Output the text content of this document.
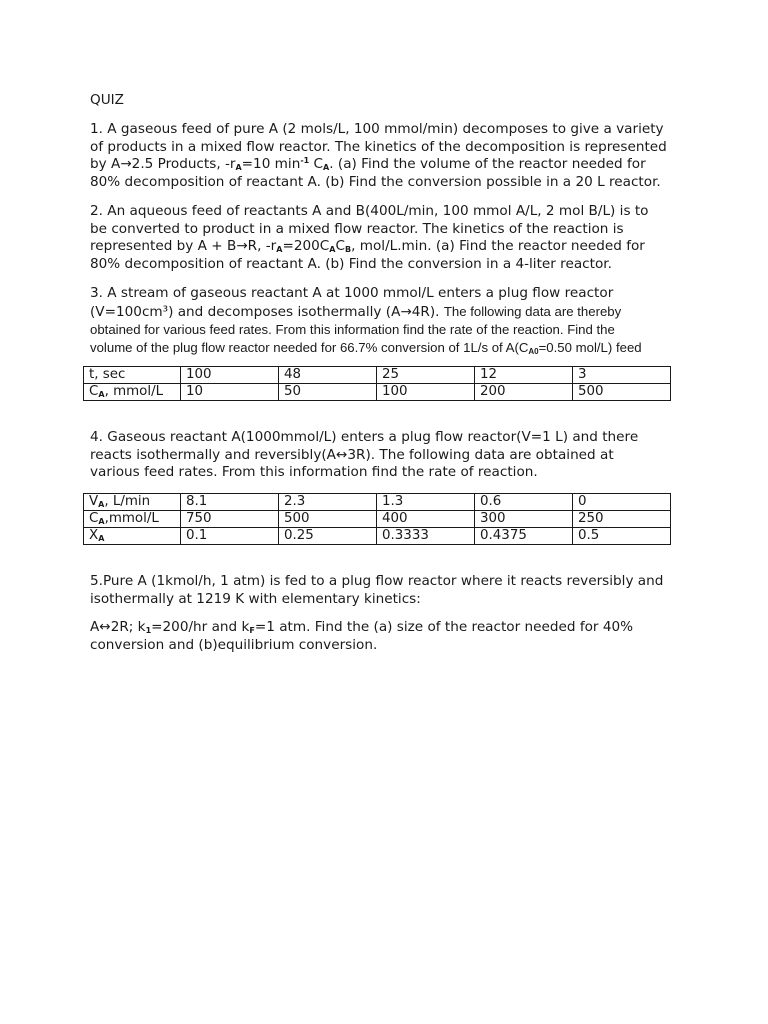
QUIZ

1. A gaseous feed of pure A (2 mols/L, 100 mmol/min) decomposes to give a variety

of products in a mixed flow reactor. The kinetics of the decomposition is represented

by A→2.5 Products, $-r_A=10$ $\min^{-1} C_A$. (a) Find the volume of the reactor needed for

80% decomposition of reactant A. (b) Find the conversion possible in a 20 L reactor.

2. An aqueous feed of reactants A and B(400L/min, 100 mmol A/L, 2 mol B/L) is to

be converted to product in a mixed flow reactor. The kinetics of the reaction is

represented by A + B→R, $-r_A=200C_AC_B$, mol/L.min. (a) Find the reactor needed for

80% decomposition of reactant A. (b) Find the conversion in a 4-liter reactor.

3. A stream of gaseous reactant A at 1000 mmol/L enters a plug flow reactor

(V=100cm³) and decomposes isothermally (A→4R). The following data are thereby

obtained for various feed rates. From this information find the rate of the reaction. Find the

volume of the plug flow reactor needed for 66.7% conversion of 1L/s of $A(C_{A0}=0.50$ mol/L) feed

t, sec	100	48	25	12	3
$C_A$, mmol/L	10	50	100	200	500

4. Gaseous reactant A(1000mmol/L) enters a plug flow reactor(V=1 L) and there

reacts isothermally and reversibly(A↔3R). The following data are obtained at

various feed rates. From this information find the rate of reaction.

$V_A$, L/min	8.1	2.3	1.3	0.6	0
$C_A,mmol/L$	750	500	400	300	250
$X_A$	0.1	0.25	0.3333	0.4375	0.5

5.Pure A (1kmol/h, 1 atm) is fed to a plug flow reactor where it reacts reversibly and

isothermally at 1219 K with elementary kinetics:

A↔2R; $k_1=200/hr$ and $k_F=1$ atm. Find the (a) size of the reactor needed for 40%

conversion and (b)equilibrium conversion.
